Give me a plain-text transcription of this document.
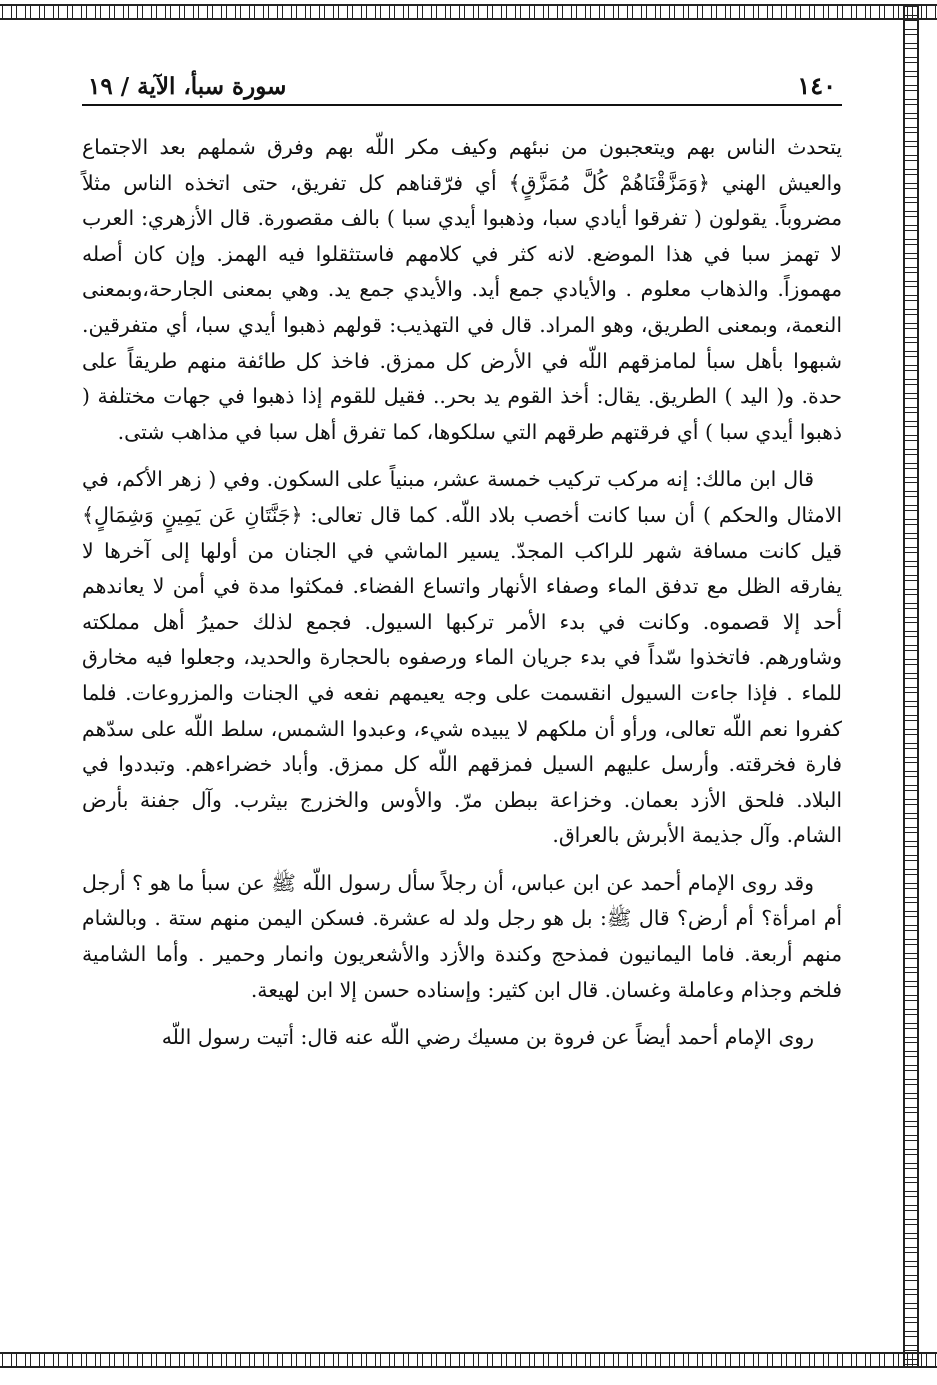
١٤٠
سورة سبأ، الآية / ١٩

يتحدث الناس بهم ويتعجبون من نبئهم وكيف مكر اللّه بهم وفرق شملهم بعد الاجتماع والعيش الهني ﴿وَمَزَّقْنَاهُمْ كُلَّ مُمَزَّقٍ﴾ أي فرّقناهم كل تفريق، حتى اتخذه الناس مثلاً مضروباً. يقولون ( تفرقوا أيادي سبا، وذهبوا أيدي سبا ) بالف مقصورة. قال الأزهري: العرب لا تهمز سبا في هذا الموضع. لانه كثر في كلامهم فاستثقلوا فيه الهمز. وإن كان أصله مهموزاً. والذهاب معلوم . والأيادي جمع أيد. والأيدي جمع يد. وهي بمعنى الجارحة،وبمعنى النعمة، وبمعنى الطريق، وهو المراد. قال في التهذيب: قولهم ذهبوا أيدي سبا، أي متفرقين. شبهوا بأهل سبأ لمامزقهم اللّه في الأرض كل ممزق. فاخذ كل طائفة منهم طريقاً على حدة. و( اليد ) الطريق. يقال: أخذ القوم يد بحر.. فقيل للقوم إذا ذهبوا في جهات مختلفة ( ذهبوا أيدي سبا ) أي فرقتهم طرقهم التي سلكوها، كما تفرق أهل سبا في مذاهب شتى.

قال ابن مالك: إنه مركب تركيب خمسة عشر، مبنياً على السكون. وفي ( زهر الأكم، في الامثال والحكم ) أن سبا كانت أخصب بلاد اللّه. كما قال تعالى: ﴿جَنَّتَانِ عَن يَمِينٍ وَشِمَالٍ﴾ قيل كانت مسافة شهر للراكب المجدّ. يسير الماشي في الجنان من أولها إلى آخرها لا يفارقه الظل مع تدفق الماء وصفاء الأنهار واتساع الفضاء. فمكثوا مدة في أمن لا يعاندهم أحد إلا قصموه. وكانت في بدء الأمر تركبها السيول. فجمع لذلك حميرُ أهل مملكته وشاورهم. فاتخذوا سّداً في بدء جريان الماء ورصفوه بالحجارة والحديد، وجعلوا فيه مخارق للماء . فإذا جاءت السيول انقسمت على وجه يعيمهم نفعه في الجنات والمزروعات. فلما كفروا نعم اللّه تعالى، ورأو أن ملكهم لا يبيده شيء، وعبدوا الشمس، سلط اللّه على سدّهم فارة فخرقته. وأرسل عليهم السيل فمزقهم اللّه كل ممزق. وأباد خضراءهم. وتبددوا في البلاد. فلحق الأزد بعمان. وخزاعة ببطن مرّ. والأوس والخزرج بيثرب. وآل جفنة بأرض الشام. وآل جذيمة الأبرش بالعراق.

وقد روى الإمام أحمد عن ابن عباس، أن رجلاً سأل رسول اللّه ﷺ عن سبأ ما هو ؟ أرجل أم امرأة؟ أم أرض؟ قال ﷺ: بل هو رجل ولد له عشرة. فسكن اليمن منهم ستة . وبالشام منهم أربعة. فاما اليمانيون فمذحج وكندة والأزد والأشعريون وانمار وحمير . وأما الشامية فلخم وجذام وعاملة وغسان. قال ابن كثير: وإسناده حسن إلا ابن لهيعة.

روى الإمام أحمد أيضاً عن فروة بن مسيك رضي اللّه عنه قال: أتيت رسول اللّه
